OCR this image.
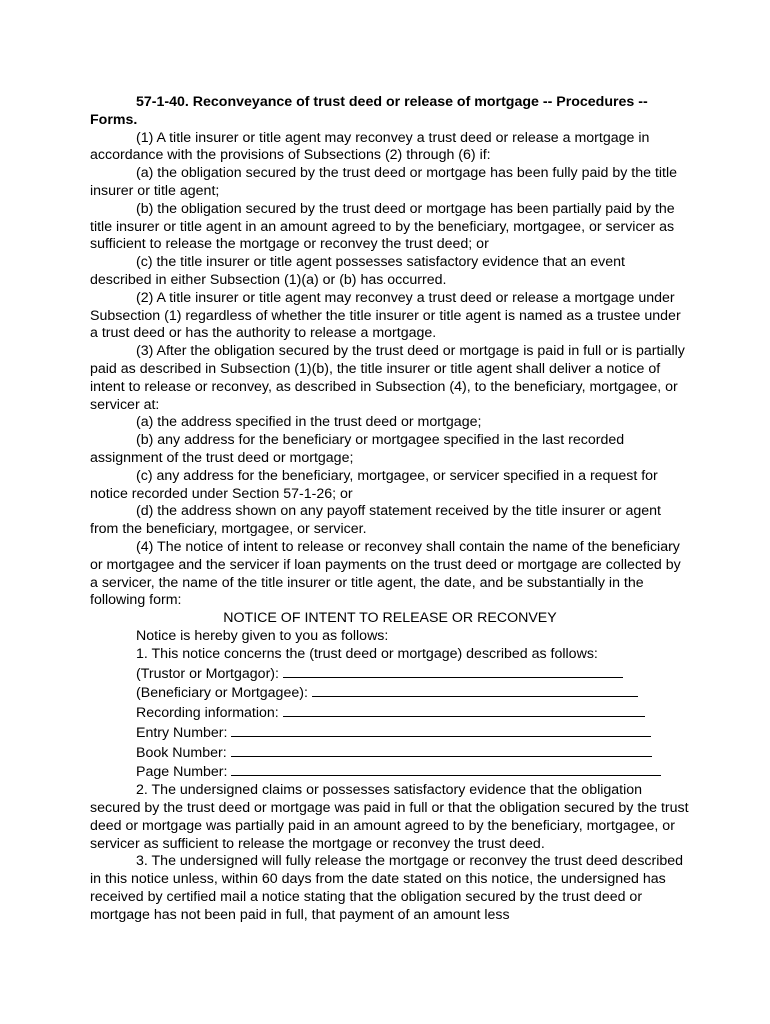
57-1-40. Reconveyance of trust deed or release of mortgage -- Procedures -- Forms.
(1) A title insurer or title agent may reconvey a trust deed or release a mortgage in accordance with the provisions of Subsections (2) through (6) if:
(a) the obligation secured by the trust deed or mortgage has been fully paid by the title insurer or title agent;
(b) the obligation secured by the trust deed or mortgage has been partially paid by the title insurer or title agent in an amount agreed to by the beneficiary, mortgagee, or servicer as sufficient to release the mortgage or reconvey the trust deed; or
(c) the title insurer or title agent possesses satisfactory evidence that an event described in either Subsection (1)(a) or (b) has occurred.
(2) A title insurer or title agent may reconvey a trust deed or release a mortgage under Subsection (1) regardless of whether the title insurer or title agent is named as a trustee under a trust deed or has the authority to release a mortgage.
(3) After the obligation secured by the trust deed or mortgage is paid in full or is partially paid as described in Subsection (1)(b), the title insurer or title agent shall deliver a notice of intent to release or reconvey, as described in Subsection (4), to the beneficiary, mortgagee, or servicer at:
(a) the address specified in the trust deed or mortgage;
(b) any address for the beneficiary or mortgagee specified in the last recorded assignment of the trust deed or mortgage;
(c) any address for the beneficiary, mortgagee, or servicer specified in a request for notice recorded under Section 57-1-26; or
(d) the address shown on any payoff statement received by the title insurer or agent from the beneficiary, mortgagee, or servicer.
(4) The notice of intent to release or reconvey shall contain the name of the beneficiary or mortgagee and the servicer if loan payments on the trust deed or mortgage are collected by a servicer, the name of the title insurer or title agent, the date, and be substantially in the following form:
NOTICE OF INTENT TO RELEASE OR RECONVEY
Notice is hereby given to you as follows:
1. This notice concerns the (trust deed or mortgage) described as follows:
(Trustor or Mortgagor):
(Beneficiary or Mortgagee):
Recording information:
Entry Number:
Book Number:
Page Number:
2. The undersigned claims or possesses satisfactory evidence that the obligation secured by the trust deed or mortgage was paid in full or that the obligation secured by the trust deed or mortgage was partially paid in an amount agreed to by the beneficiary, mortgagee, or servicer as sufficient to release the mortgage or reconvey the trust deed.
3. The undersigned will fully release the mortgage or reconvey the trust deed described in this notice unless, within 60 days from the date stated on this notice, the undersigned has received by certified mail a notice stating that the obligation secured by the trust deed or mortgage has not been paid in full, that payment of an amount less
